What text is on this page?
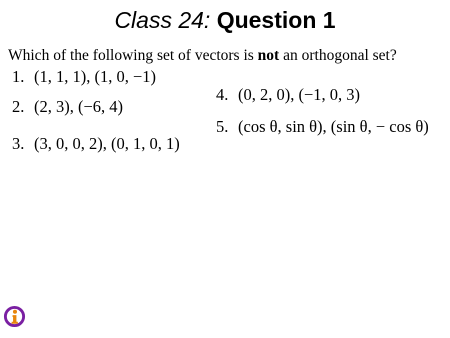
Class 24: Question 1
Which of the following set of vectors is not an orthogonal set?
1. (1, 1, 1), (1, 0, −1)
2. (2, 3), (−6, 4)
3. (3, 0, 0, 2), (0, 1, 0, 1)
4. (0, 2, 0), (−1, 0, 3)
5. (cos θ, sin θ), (sin θ, − cos θ)
